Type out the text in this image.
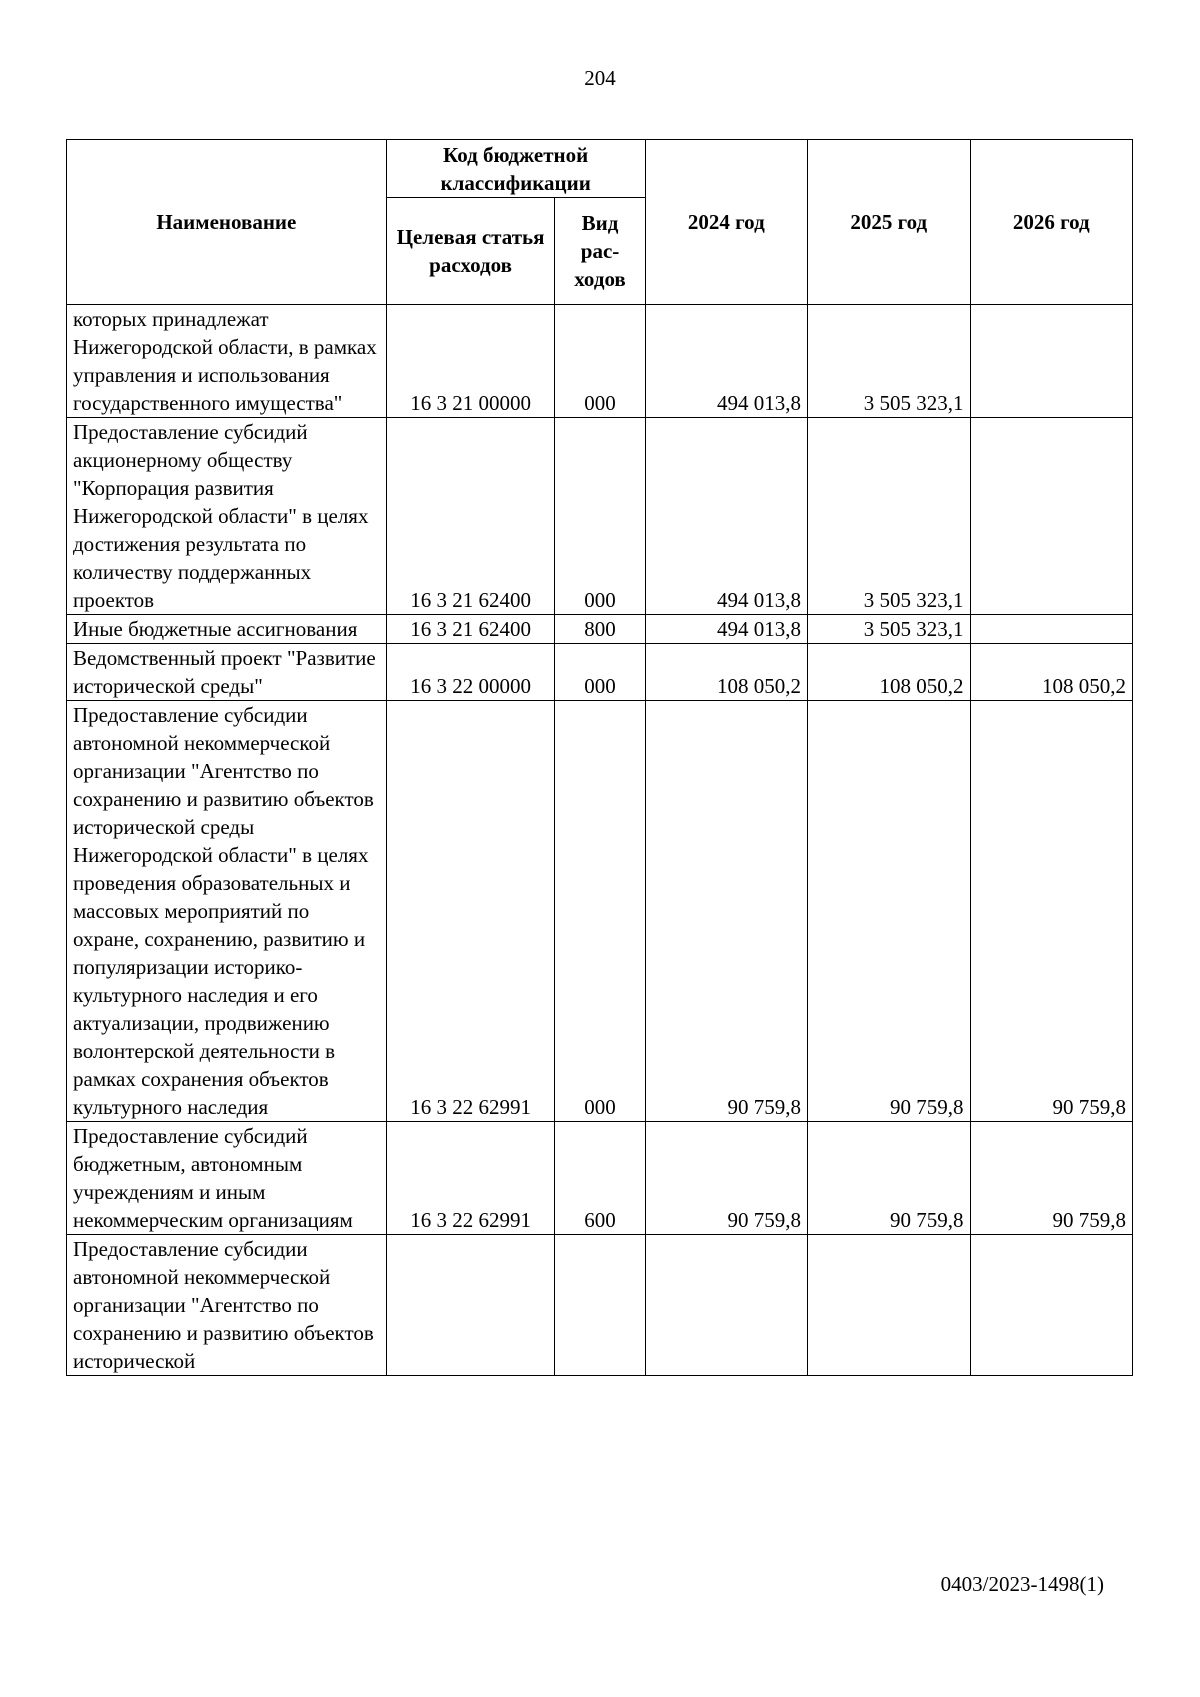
204
Наименование	Код бюджетной классификации		2024 год	2025 год	2026 год
	Целевая статья расходов	Вид рас-ходов			
которых принадлежат Нижегородской области, в рамках управления и использования государственного имущества"	16 3 21 00000	000	494 013,8	3 505 323,1	
Предоставление субсидий акционерному обществу "Корпорация развития Нижегородской области" в целях достижения результата по количеству поддержанных проектов	16 3 21 62400	000	494 013,8	3 505 323,1	
Иные бюджетные ассигнования	16 3 21 62400	800	494 013,8	3 505 323,1	
Ведомственный проект "Развитие исторической среды"	16 3 22 00000	000	108 050,2	108 050,2	108 050,2
Предоставление субсидии автономной некоммерческой организации "Агентство по сохранению и развитию объектов исторической среды Нижегородской области" в целях проведения образовательных и массовых мероприятий по охране, сохранению, развитию и популяризации историко-культурного наследия и его актуализации, продвижению волонтерской деятельности в рамках сохранения объектов культурного наследия	16 3 22 62991	000	90 759,8	90 759,8	90 759,8
Предоставление субсидий бюджетным, автономным учреждениям и иным некоммерческим организациям	16 3 22 62991	600	90 759,8	90 759,8	90 759,8
Предоставление субсидии автономной некоммерческой организации "Агентство по сохранению и развитию объектов исторической					
0403/2023-1498(1)
